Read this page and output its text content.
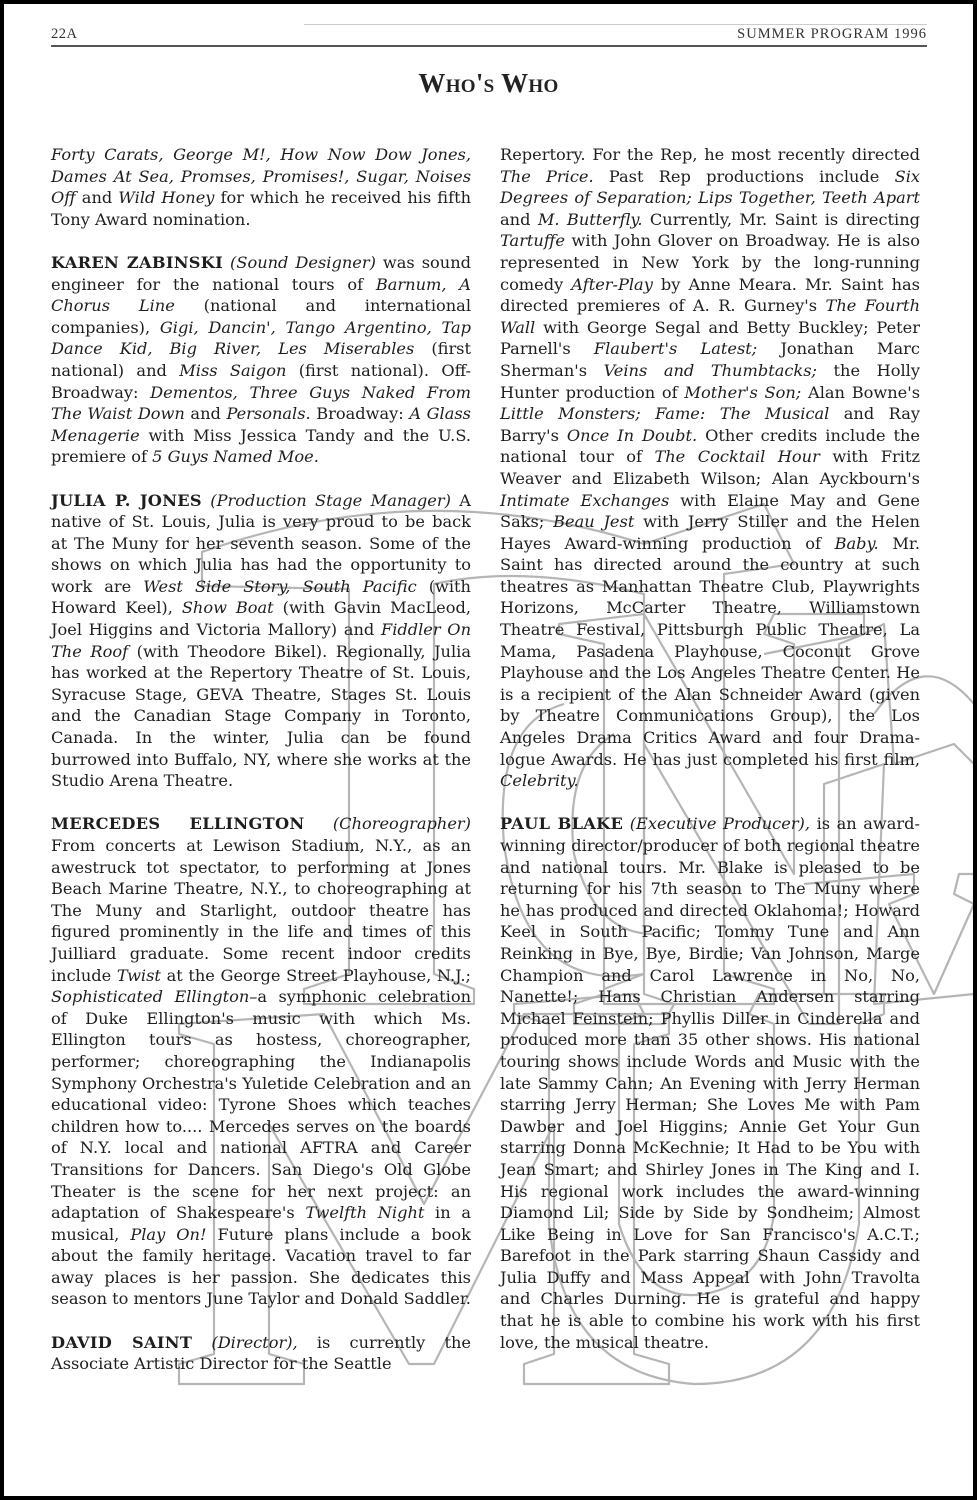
22A	SUMMER PROGRAM 1996
Who's Who

Forty Carats, George M!, How Now Dow Jones, Dames At Sea, Promses, Promises!, Sugar, Noises Off and Wild Honey for which he received his fifth Tony Award nomination.

KAREN ZABINSKI (Sound Designer) was sound engineer for the national tours of Barnum, A Chorus Line (national and international companies), Gigi, Dancin', Tango Argentino, Tap Dance Kid, Big River, Les Miserables (first national) and Miss Saigon (first national). Off-Broadway: Dementos, Three Guys Naked From The Waist Down and Personals. Broadway: A Glass Menagerie with Miss Jessica Tandy and the U.S. premiere of 5 Guys Named Moe.

JULIA P. JONES (Production Stage Manager) A native of St. Louis, Julia is very proud to be back at The Muny for her seventh season. Some of the shows on which Julia has had the opportunity to work are West Side Story, South Pacific (with Howard Keel), Show Boat (with Gavin MacLeod, Joel Higgins and Victoria Mallory) and Fiddler On The Roof (with Theodore Bikel). Regionally, Julia has worked at the Repertory Theatre of St. Louis, Syracuse Stage, GEVA Theatre, Stages St. Louis and the Canadian Stage Company in Toronto, Canada. In the winter, Julia can be found burrowed into Buffalo, NY, where she works at the Studio Arena Theatre.

MERCEDES ELLINGTON (Choreographer) From concerts at Lewison Stadium, N.Y., as an awestruck tot spectator, to performing at Jones Beach Marine Theatre, N.Y., to choreographing at The Muny and Starlight, outdoor theatre has figured prominently in the life and times of this Juilliard graduate. Some recent indoor credits include Twist at the George Street Playhouse, N.J.; Sophisticated Ellington–a symphonic celebration of Duke Ellington's music with which Ms. Ellington tours as hostess, choreographer, performer; choreographing the Indianapolis Symphony Orchestra's Yuletide Celebration and an educational video: Tyrone Shoes which teaches children how to.... Mercedes serves on the boards of N.Y. local and national AFTRA and Career Transitions for Dancers. San Diego's Old Globe Theater is the scene for her next project: an adaptation of Shakespeare's Twelfth Night in a musical, Play On! Future plans include a book about the family heritage. Vacation travel to far away places is her passion. She dedicates this season to mentors June Taylor and Donald Saddler.

DAVID SAINT (Director), is currently the Associate Artistic Director for the Seattle

Repertory. For the Rep, he most recently directed The Price. Past Rep productions include Six Degrees of Separation; Lips Together, Teeth Apart and M. Butterfly. Currently, Mr. Saint is directing Tartuffe with John Glover on Broadway. He is also represented in New York by the long-running comedy After-Play by Anne Meara. Mr. Saint has directed premieres of A. R. Gurney's The Fourth Wall with George Segal and Betty Buckley; Peter Parnell's Flaubert's Latest; Jonathan Marc Sherman's Veins and Thumbtacks; the Holly Hunter production of Mother's Son; Alan Bowne's Little Monsters; Fame: The Musical and Ray Barry's Once In Doubt. Other credits include the national tour of The Cocktail Hour with Fritz Weaver and Elizabeth Wilson; Alan Ayckbourn's Intimate Exchanges with Elaine May and Gene Saks; Beau Jest with Jerry Stiller and the Helen Hayes Award-winning production of Baby. Mr. Saint has directed around the country at such theatres as Manhattan Theatre Club, Playwrights Horizons, McCarter Theatre, Williamstown Theatre Festival, Pittsburgh Public Theatre, La Mama, Pasadena Playhouse, Coconut Grove Playhouse and the Los Angeles Theatre Center. He is a recipient of the Alan Schneider Award (given by Theatre Communications Group), the Los Angeles Drama Critics Award and four Drama-logue Awards. He has just completed his first film, Celebrity.

PAUL BLAKE (Executive Producer), is an award-winning director/producer of both regional theatre and national tours. Mr. Blake is pleased to be returning for his 7th season to The Muny where he has produced and directed Oklahoma!; Howard Keel in South Pacific; Tommy Tune and Ann Reinking in Bye, Bye, Birdie; Van Johnson, Marge Champion and Carol Lawrence in No, No, Nanette!; Hans Christian Andersen starring Michael Feinstein; Phyllis Diller in Cinderella and produced more than 35 other shows. His national touring shows include Words and Music with the late Sammy Cahn; An Evening with Jerry Herman starring Jerry Herman; She Loves Me with Pam Dawber and Joel Higgins; Annie Get Your Gun starring Donna McKechnie; It Had to be You with Jean Smart; and Shirley Jones in The King and I. His regional work includes the award-winning Diamond Lil; Side by Side by Sondheim; Almost Like Being in Love for San Francisco's A.C.T.; Barefoot in the Park starring Shaun Cassidy and Julia Duffy and Mass Appeal with John Travolta and Charles Durning. He is grateful and happy that he is able to combine his work with his first love, the musical theatre.
